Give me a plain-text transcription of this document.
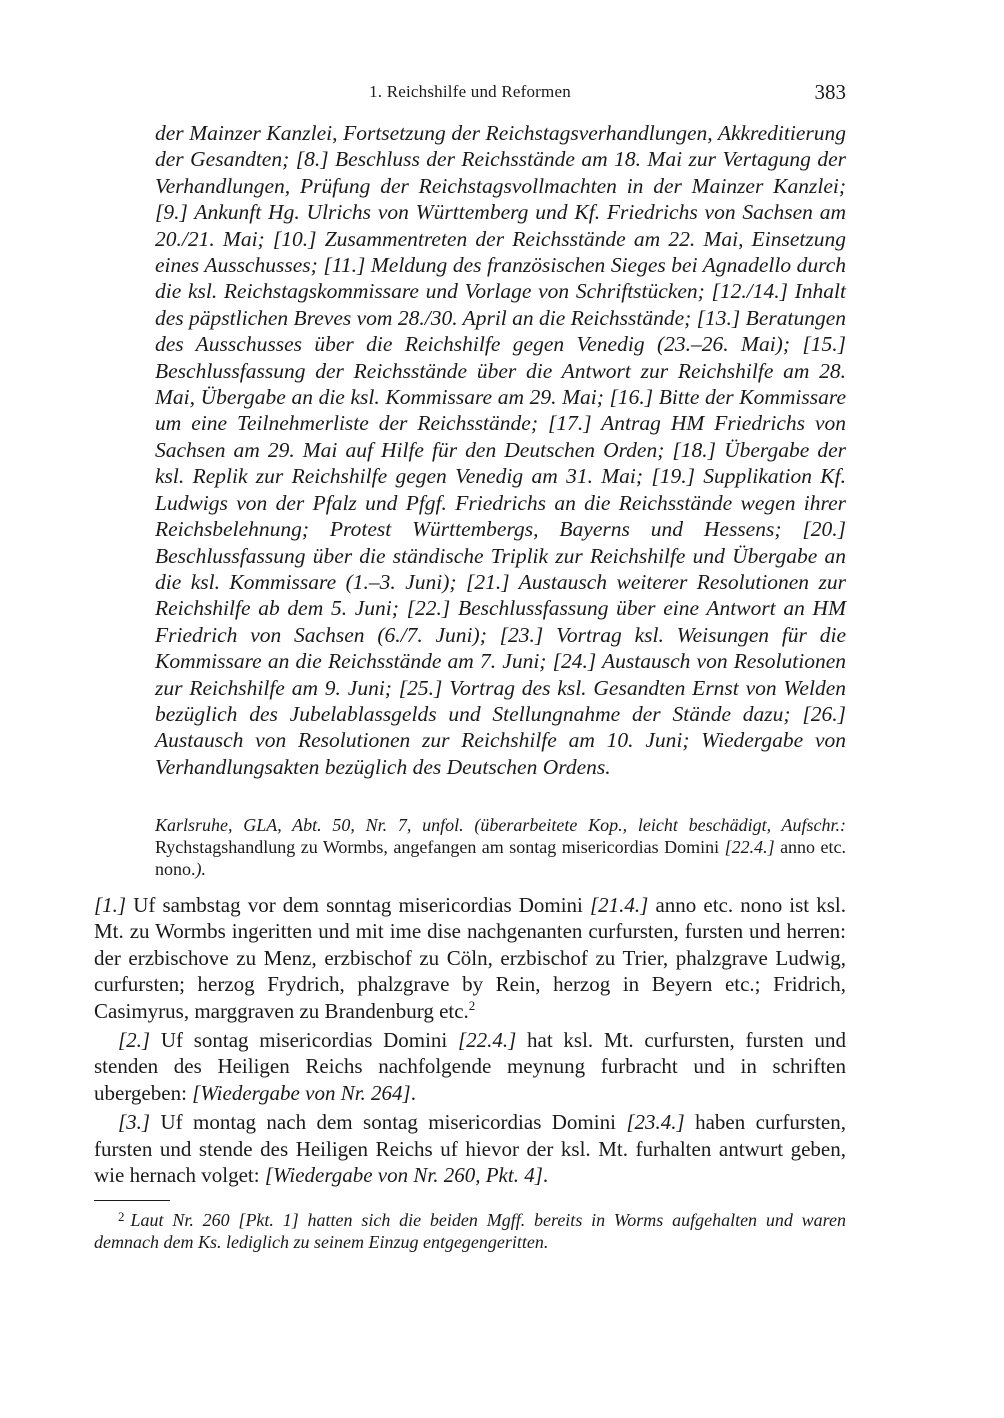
1. Reichshilfe und Reformen	383

der Mainzer Kanzlei, Fortsetzung der Reichstagsverhandlungen, Akkreditierung der Gesandten; [8.] Beschluss der Reichsstände am 18. Mai zur Vertagung der Verhandlungen, Prüfung der Reichstagsvollmachten in der Mainzer Kanzlei; [9.] Ankunft Hg. Ulrichs von Württemberg und Kf. Friedrichs von Sachsen am 20./21. Mai; [10.] Zusammentreten der Reichsstände am 22. Mai, Einsetzung eines Ausschusses; [11.] Meldung des französischen Sieges bei Agnadello durch die ksl. Reichstagskommissare und Vorlage von Schriftstücken; [12./14.] Inhalt des päpstlichen Breves vom 28./30. April an die Reichsstände; [13.] Beratungen des Ausschusses über die Reichshilfe gegen Venedig (23.–26. Mai); [15.] Beschlussfassung der Reichsstände über die Antwort zur Reichshilfe am 28. Mai, Übergabe an die ksl. Kommissare am 29. Mai; [16.] Bitte der Kommissare um eine Teilnehmerliste der Reichsstände; [17.] Antrag HM Friedrichs von Sachsen am 29. Mai auf Hilfe für den Deutschen Orden; [18.] Übergabe der ksl. Replik zur Reichshilfe gegen Venedig am 31. Mai; [19.] Supplikation Kf. Ludwigs von der Pfalz und Pfgf. Friedrichs an die Reichsstände wegen ihrer Reichsbelehnung; Protest Württembergs, Bayerns und Hessens; [20.] Beschlussfassung über die ständische Triplik zur Reichshilfe und Übergabe an die ksl. Kommissare (1.–3. Juni); [21.] Austausch weiterer Resolutionen zur Reichshilfe ab dem 5. Juni; [22.] Beschlussfassung über eine Antwort an HM Friedrich von Sachsen (6./7. Juni); [23.] Vortrag ksl. Weisungen für die Kommissare an die Reichsstände am 7. Juni; [24.] Austausch von Resolutionen zur Reichshilfe am 9. Juni; [25.] Vortrag des ksl. Gesandten Ernst von Welden bezüglich des Jubelablassgelds und Stellungnahme der Stände dazu; [26.] Austausch von Resolutionen zur Reichshilfe am 10. Juni; Wiedergabe von Verhandlungsakten bezüglich des Deutschen Ordens.

Karlsruhe, GLA, Abt. 50, Nr. 7, unfol. (überarbeitete Kop., leicht beschädigt, Aufschr.: Rychstagshandlung zu Wormbs, angefangen am sontag misericordias Domini [22.4.] anno etc. nono.).

[1.] Uf sambstag vor dem sonntag misericordias Domini [21.4.] anno etc. nono ist ksl. Mt. zu Wormbs ingeritten und mit ime dise nachgenanten curfursten, fursten und herren: der erzbischove zu Menz, erzbischof zu Cöln, erzbischof zu Trier, phalzgrave Ludwig, curfursten; herzog Frydrich, phalzgrave by Rein, herzog in Beyern etc.; Fridrich, Casimyrus, marggraven zu Brandenburg etc.$^2$

[2.] Uf sontag misericordias Domini [22.4.] hat ksl. Mt. curfursten, fursten und stenden des Heiligen Reichs nachfolgende meynung furbracht und in schriften ubergeben: [Wiedergabe von Nr. 264].

[3.] Uf montag nach dem sontag misericordias Domini [23.4.] haben curfursten, fursten und stende des Heiligen Reichs uf hievor der ksl. Mt. furhalten antwurt geben, wie hernach volget: [Wiedergabe von Nr. 260, Pkt. 4].

$^2$ Laut Nr. 260 [Pkt. 1] hatten sich die beiden Mgff. bereits in Worms aufgehalten und waren demnach dem Ks. lediglich zu seinem Einzug entgegengeritten.
